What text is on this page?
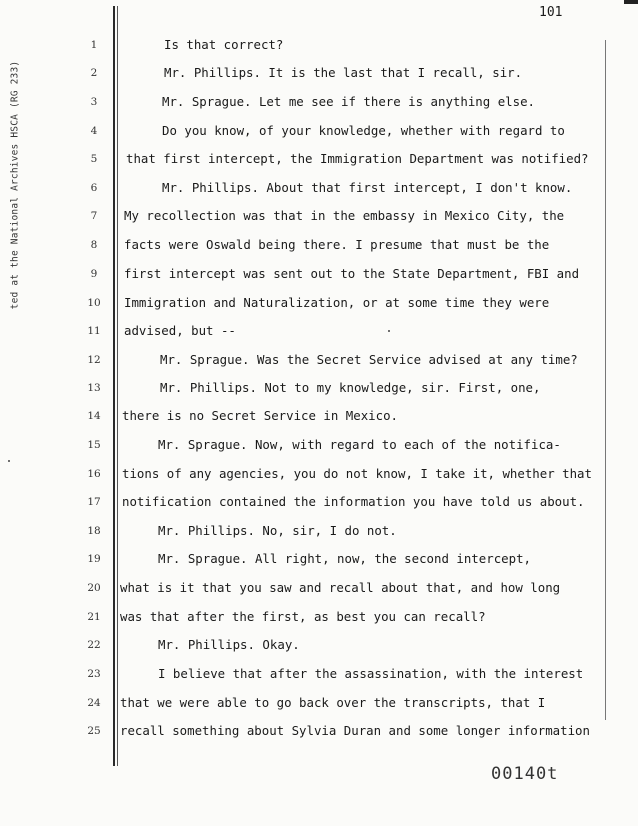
ted at the National Archives HSCA (RG 233)
101
1	Is that correct?
2	Mr. Phillips. It is the last that I recall, sir.
3	Mr. Sprague. Let me see if there is anything else.
4	Do you know, of your knowledge, whether with regard to
5	that first intercept, the Immigration Department was notified?
6	Mr. Phillips. About that first intercept, I don't know.
7	My recollection was that in the embassy in Mexico City, the
8	facts were Oswald being there. I presume that must be the
9	first intercept was sent out to the State Department, FBI and
10	Immigration and Naturalization, or at some time they were
11	advised, but --
12	Mr. Sprague. Was the Secret Service advised at any time?
13	Mr. Phillips. Not to my knowledge, sir. First, one,
14	there is no Secret Service in Mexico.
15	Mr. Sprague. Now, with regard to each of the notifica-
16	tions of any agencies, you do not know, I take it, whether that
17	notification contained the information you have told us about.
18	Mr. Phillips. No, sir, I do not.
19	Mr. Sprague. All right, now, the second intercept,
20	what is it that you saw and recall about that, and how long
21	was that after the first, as best you can recall?
22	Mr. Phillips. Okay.
23	I believe that after the assassination, with the interest
24	that we were able to go back over the transcripts, that I
25	recall something about Sylvia Duran and some longer information
00140t
